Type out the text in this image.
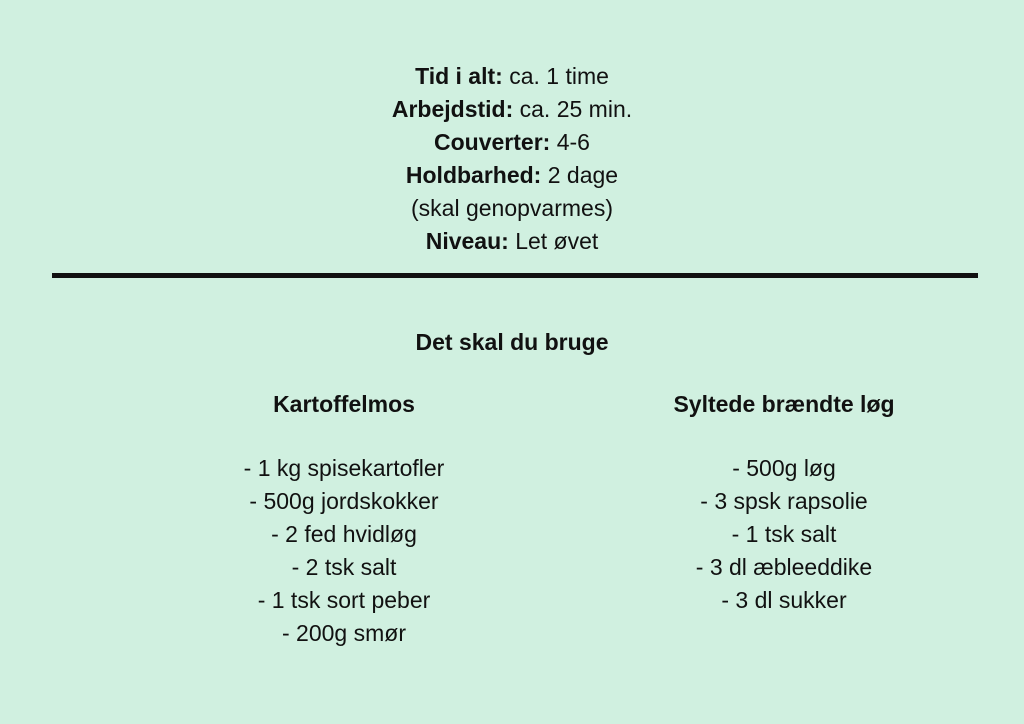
Tid i alt: ca. 1 time
Arbejdstid: ca. 25 min.
Couverter: 4-6
Holdbarhed: 2 dage
(skal genopvarmes)
Niveau: Let øvet
Det skal du bruge
Kartoffelmos
- 1 kg spisekartofler
- 500g jordskokker
- 2 fed hvidløg
- 2 tsk salt
- 1 tsk sort peber
- 200g smør
Syltede brændte løg
- 500g løg
- 3 spsk rapsolie
- 1 tsk salt
- 3 dl æbleeddike
- 3 dl sukker
